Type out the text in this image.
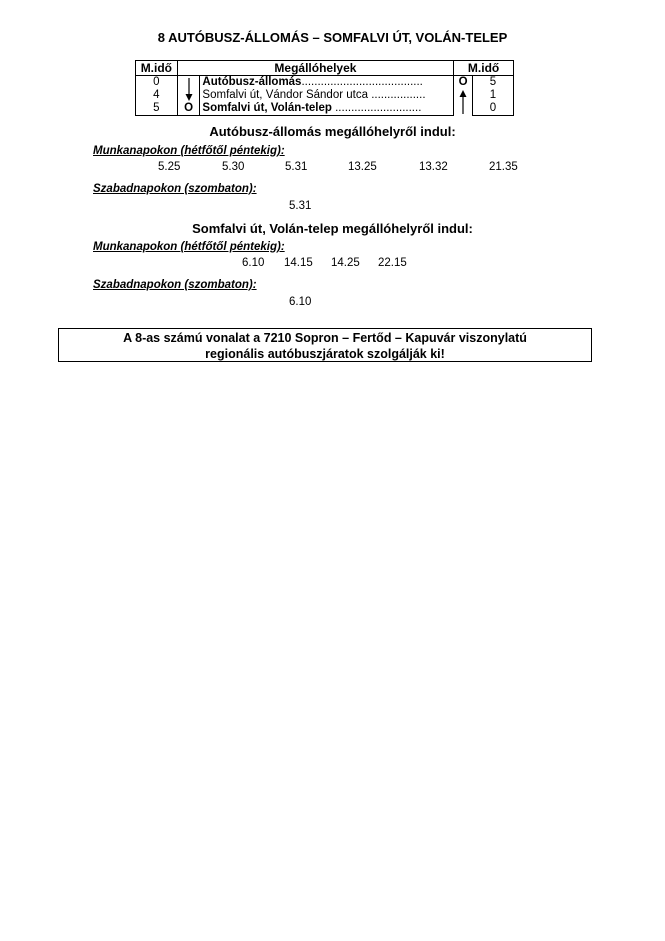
8 AUTÓBUSZ-ÁLLOMÁS – SOMFALVI ÚT, VOLÁN-TELEP
M.idő	Megállóhelyek		M.idő	
0		Autóbusz-állomás......................................	O	5
4		Somfalvi út, Vándor Sándor utca .................		1
5	O	Somfalvi út, Volán-telep ...........................		0
Autóbusz-állomás megállóhelyről indul:
Munkanapokon (hétfőtől péntekig):
5.25	5.30	5.31	13.25	13.32	21.35
Szabadnapokon (szombaton):
5.31
Somfalvi út, Volán-telep megállóhelyről indul:
Munkanapokon (hétfőtől péntekig):
6.10 14.15 14.25 22.15
Szabadnapokon (szombaton):
6.10
A 8-as számú vonalat a 7210 Sopron – Fertőd – Kapuvár viszonylatú
regionális autóbuszjáratok szolgálják ki!
